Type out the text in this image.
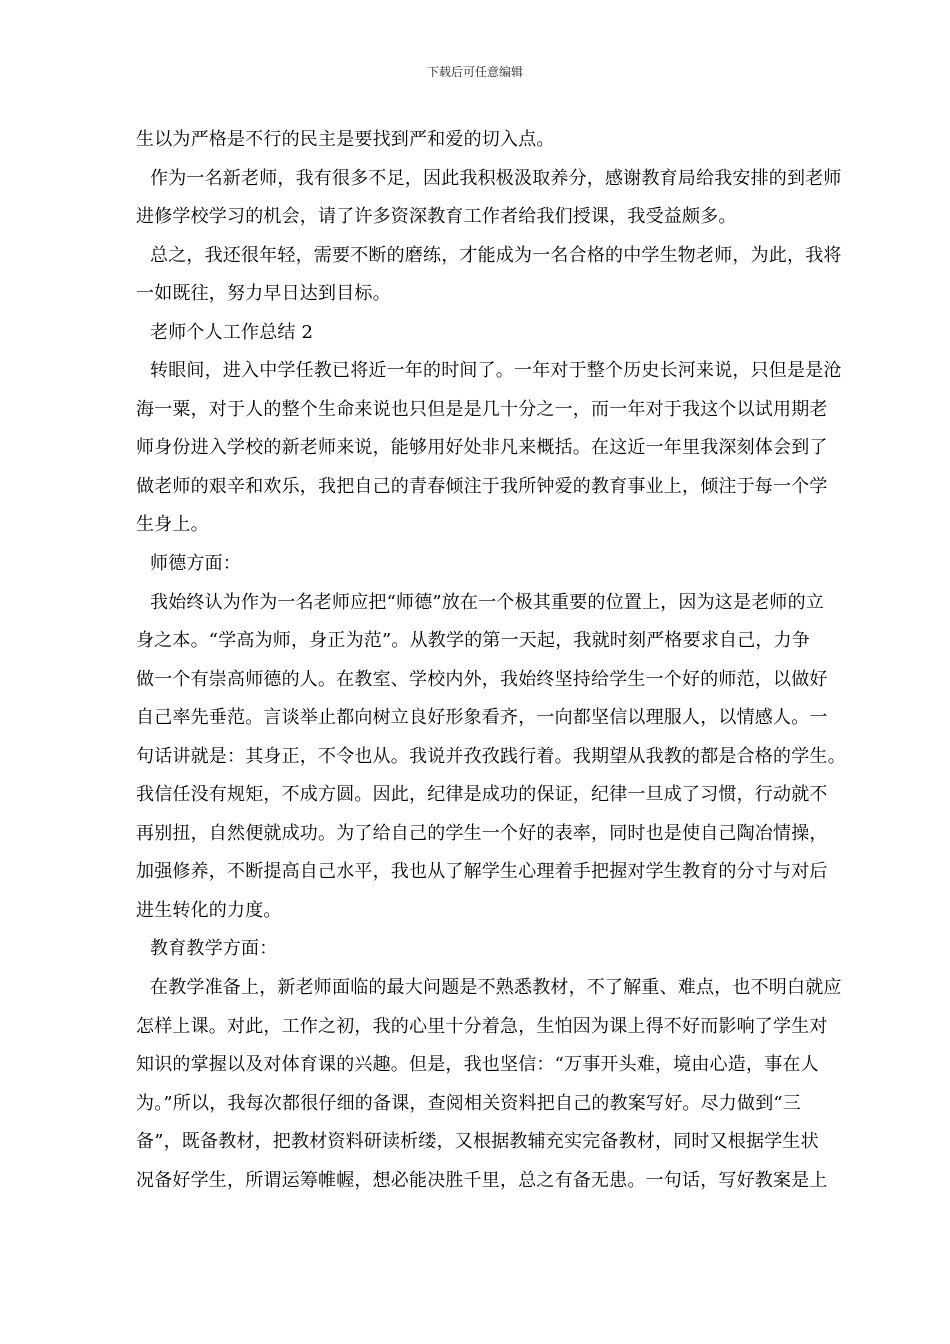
下载后可任意编辑
生以为严格是不行的民主是要找到严和爱的切入点。
作为一名新老师，我有很多不足，因此我积极汲取养分，感谢教育局给我安排的到老师
进修学校学习的机会，请了许多资深教育工作者给我们授课，我受益颇多。
总之，我还很年轻，需要不断的磨练，才能成为一名合格的中学生物老师，为此，我将
一如既往，努力早日达到目标。
老师个人工作总结 2
转眼间，进入中学任教已将近一年的时间了。一年对于整个历史长河来说，只但是是沧
海一粟，对于人的整个生命来说也只但是是几十分之一，而一年对于我这个以试用期老
师身份进入学校的新老师来说，能够用好处非凡来概括。在这近一年里我深刻体会到了
做老师的艰辛和欢乐，我把自己的青春倾注于我所钟爱的教育事业上，倾注于每一个学
生身上。
师德方面：
我始终认为作为一名老师应把“师德”放在一个极其重要的位置上，因为这是老师的立
身之本。“学高为师，身正为范”。从教学的第一天起，我就时刻严格要求自己，力争
做一个有崇高师德的人。在教室、学校内外，我始终坚持给学生一个好的师范，以做好
自己率先垂范。言谈举止都向树立良好形象看齐，一向都坚信以理服人，以情感人。一
句话讲就是：其身正，不令也从。我说并孜孜践行着。我期望从我教的都是合格的学生。
我信任没有规矩，不成方圆。因此，纪律是成功的保证，纪律一旦成了习惯，行动就不
再别扭，自然便就成功。为了给自己的学生一个好的表率，同时也是使自己陶冶情操，
加强修养，不断提高自己水平，我也从了解学生心理着手把握对学生教育的分寸与对后
进生转化的力度。
教育教学方面：
在教学准备上，新老师面临的最大问题是不熟悉教材，不了解重、难点，也不明白就应
怎样上课。对此，工作之初，我的心里十分着急，生怕因为课上得不好而影响了学生对
知识的掌握以及对体育课的兴趣。但是，我也坚信：“万事开头难，境由心造，事在人
为。”所以，我每次都很仔细的备课，查阅相关资料把自己的教案写好。尽力做到“三
备”，既备教材，把教材资料研读析缕，又根据教辅充实完备教材，同时又根据学生状
况备好学生，所谓运筹帷幄，想必能决胜千里，总之有备无患。一句话，写好教案是上
